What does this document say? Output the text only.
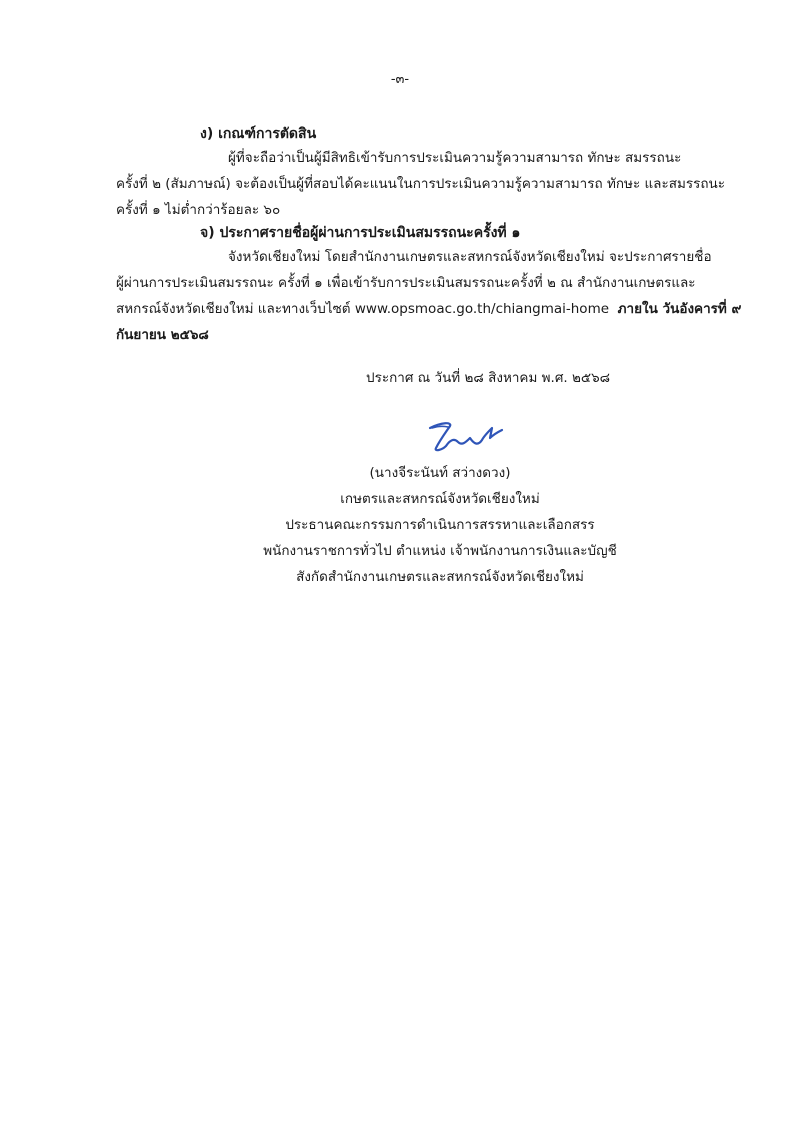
-๓-
ง) เกณฑ์การตัดสิน
ผู้ที่จะถือว่าเป็นผู้มีสิทธิเข้ารับการประเมินความรู้ความสามารถ ทักษะ สมรรถนะ
ครั้งที่ ๒ (สัมภาษณ์) จะต้องเป็นผู้ที่สอบได้คะแนนในการประเมินความรู้ความสามารถ ทักษะ และสมรรถนะ
ครั้งที่ ๑ ไม่ต่ำกว่าร้อยละ ๖๐
จ) ประกาศรายชื่อผู้ผ่านการประเมินสมรรถนะครั้งที่ ๑
จังหวัดเชียงใหม่ โดยสำนักงานเกษตรและสหกรณ์จังหวัดเชียงใหม่ จะประกาศรายชื่อ
ผู้ผ่านการประเมินสมรรถนะ ครั้งที่ ๑ เพื่อเข้ารับการประเมินสมรรถนะครั้งที่ ๒ ณ สำนักงานเกษตรและ
สหกรณ์จังหวัดเชียงใหม่ และทางเว็บไซต์ www.opsmoac.go.th/chiangmai-home ภายใน วันอังคารที่ ๙
กันยายน ๒๕๖๘
ประกาศ ณ วันที่ ๒๘ สิงหาคม พ.ศ. ๒๕๖๘
(นางจีระนันท์ สว่างดวง)
เกษตรและสหกรณ์จังหวัดเชียงใหม่
ประธานคณะกรรมการดำเนินการสรรหาและเลือกสรร
พนักงานราชการทั่วไป ตำแหน่ง เจ้าพนักงานการเงินและบัญชี
สังกัดสำนักงานเกษตรและสหกรณ์จังหวัดเชียงใหม่
